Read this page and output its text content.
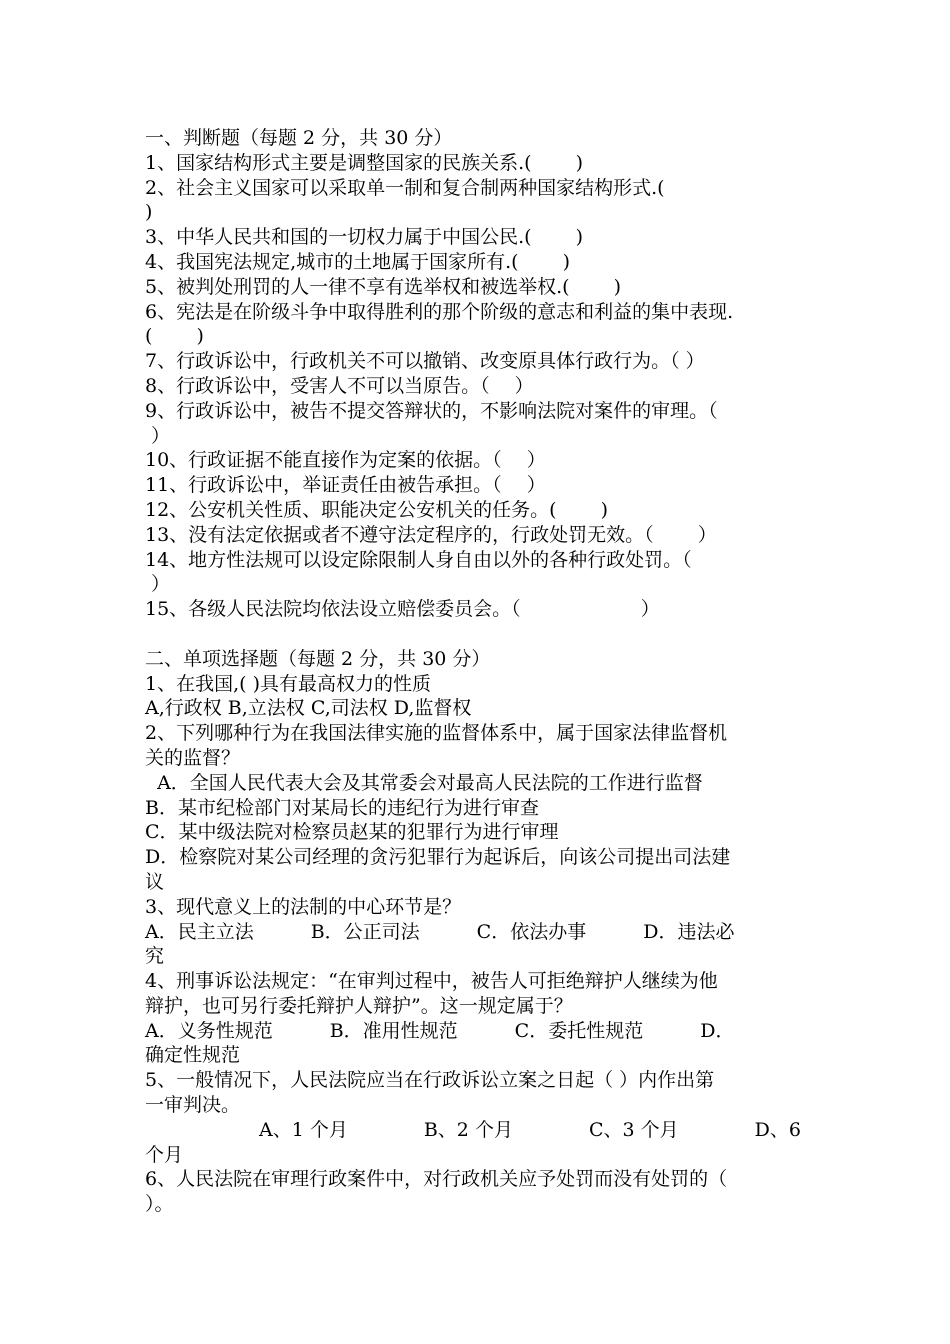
一、判断题（每题 2 分，共 30 分）
1、国家结构形式主要是调整国家的民族关系.(　　 )
2、社会主义国家可以采取单一制和复合制两种国家结构形式.(
)
3、中华人民共和国的一切权力属于中国公民.(　　 )
4、我国宪法规定,城市的土地属于国家所有.(　　 )
5、被判处刑罚的人一律不享有选举权和被选举权.(　　 )
6、宪法是在阶级斗争中取得胜利的那个阶级的意志和利益的集中表现.
(　　 )
7、行政诉讼中，行政机关不可以撤销、改变原具体行政行为。（ ）
8、行政诉讼中，受害人不可以当原告。（　 ）
9、行政诉讼中，被告不提交答辩状的，不影响法院对案件的审理。（
）
10、行政证据不能直接作为定案的依据。（　 ）
11、行政诉讼中，举证责任由被告承担。（　 ）
12、公安机关性质、职能决定公安机关的任务。(　　 )
13、没有法定依据或者不遵守法定程序的，行政处罚无效。（　　 ）
14、地方性法规可以设定除限制人身自由以外的各种行政处罚。（
）
15、各级人民法院均依法设立赔偿委员会。（　　　　　　 ）
二、单项选择题（每题 2 分，共 30 分）
1、在我国,( )具有最高权力的性质
A,行政权 B,立法权 C,司法权 D,监督权
2、下列哪种行为在我国法律实施的监督体系中，属于国家法律监督机
关的监督？
A．全国人民代表大会及其常委会对最高人民法院的工作进行监督
B．某市纪检部门对某局长的违纪行为进行审查
C．某中级法院对检察员赵某的犯罪行为进行审理
D．检察院对某公司经理的贪污犯罪行为起诉后，向该公司提出司法建
议
3、现代意义上的法制的中心环节是？
A．民主立法　　　B．公正司法　　　C．依法办事　　　D．违法必
究
4、刑事诉讼法规定：“在审判过程中，被告人可拒绝辩护人继续为他
辩护，也可另行委托辩护人辩护”。这一规定属于？
A．义务性规范　　　B．准用性规范　　　C．委托性规范　　　D．
确定性规范
5、一般情况下，人民法院应当在行政诉讼立案之日起（ ）内作出第
一审判决。
　　　　　　A、1 个月　　　　B、2 个月　　　　C、3 个月　　　　D、6
个月
6、人民法院在审理行政案件中，对行政机关应予处罚而没有处罚的（
）。
